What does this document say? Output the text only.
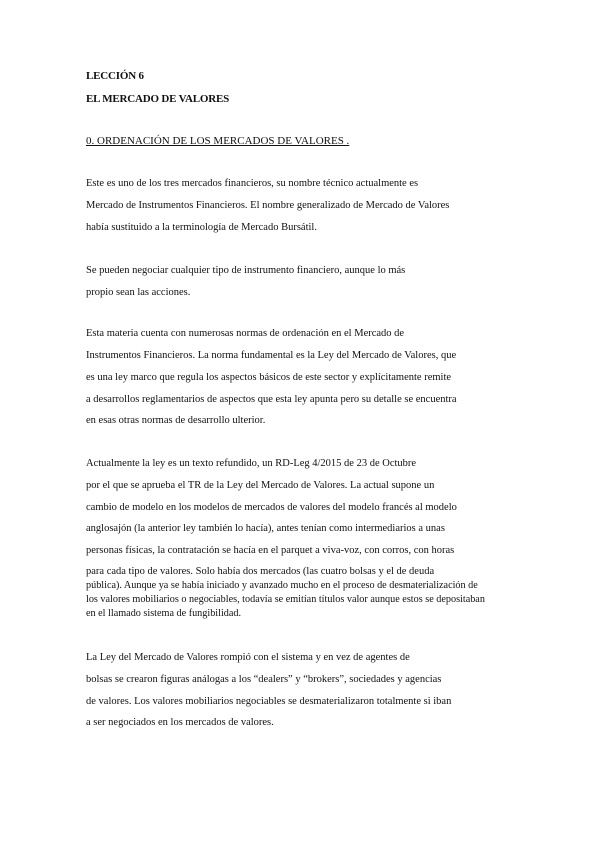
LECCIÓN 6
EL MERCADO DE VALORES
0. ORDENACIÓN DE LOS MERCADOS DE VALORES .
Este es uno de los tres mercados financieros, su nombre técnico actualmente es
Mercado de Instrumentos Financieros. El nombre generalizado de Mercado de Valores
había sustituido a la terminología de Mercado Bursátil.
Se pueden negociar cualquier tipo de instrumento financiero, aunque lo más
propio sean las acciones.
Esta materia cuenta con numerosas normas de ordenación en el Mercado de
Instrumentos Financieros. La norma fundamental es la Ley del Mercado de Valores, que
es una ley marco que regula los aspectos básicos de este sector y explícitamente remite
a desarrollos reglamentarios de aspectos que esta ley apunta pero su detalle se encuentra
en esas otras normas de desarrollo ulterior.
Actualmente la ley es un texto refundido, un RD-Leg 4/2015 de 23 de Octubre
por el que se aprueba el TR de la Ley del Mercado de Valores. La actual supone un
cambio de modelo en los modelos de mercados de valores del modelo francés al modelo
anglosajón (la anterior ley también lo hacía), antes tenían como intermediarios a unas
personas físicas, la contratación se hacía en el parquet a viva-voz, con corros, con horas
para cada tipo de valores. Solo había dos mercados (las cuatro bolsas y el de deuda
pública). Aunque ya se había iniciado y avanzado mucho en el proceso de desmaterialización de
los valores mobiliarios o negociables, todavía se emitían títulos valor aunque estos se depositaban
en el llamado sistema de fungibilidad.
La Ley del Mercado de Valores rompió con el sistema y en vez de agentes de
bolsas se crearon figuras análogas a los “dealers” y “brokers”, sociedades y agencias
de valores. Los valores mobiliarios negociables se desmaterializaron totalmente si iban
a ser negociados en los mercados de valores.
